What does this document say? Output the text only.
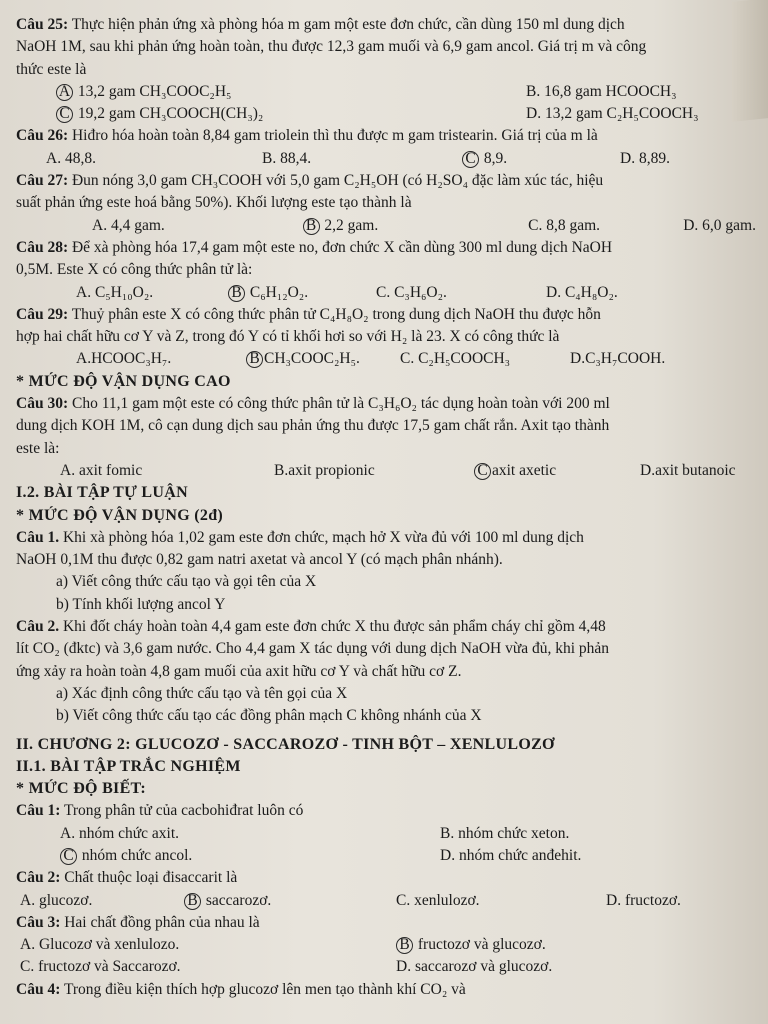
Câu 25: Thực hiện phản ứng xà phòng hóa m gam một este đơn chức, cần dùng 150 ml dung dịch
NaOH 1M, sau khi phản ứng hoàn toàn, thu được 12,3 gam muối và 6,9 gam ancol. Giá trị m và công
thức este là
A 13,2 gam CH₃COOC₂H₅	B. 16,8 gam HCOOCH₃
C 19,2 gam CH₃COOCH(CH₃)₂	D. 13,2 gam C₂H₅COOCH₃
Câu 26: Hiđro hóa hoàn toàn 8,84 gam triolein thì thu được m gam tristearin. Giá trị của m là
A. 48,8.	B. 88,4.	C 8,9.	D. 8,89.
Câu 27: Đun nóng 3,0 gam CH₃COOH với 5,0 gam C₂H₅OH (có H₂SO₄ đặc làm xúc tác, hiệu
suất phản ứng este hoá bằng 50%). Khối lượng este tạo thành là
A. 4,4 gam.	B 2,2 gam.	C. 8,8 gam.	D. 6,0 gam.
Câu 28: Để xà phòng hóa 17,4 gam một este no, đơn chức X cần dùng 300 ml dung dịch NaOH
0,5M. Este X có công thức phân tử là:
A. C₅H₁₀O₂.	B C₆H₁₂O₂.	C. C₃H₆O₂.	D. C₄H₈O₂.
Câu 29: Thuỷ phân este X có công thức phân tử C₄H₈O₂ trong dung dịch NaOH thu được hỗn
hợp hai chất hữu cơ Y và Z, trong đó Y có tỉ khối hơi so với H₂ là 23. X có công thức là
A.HCOOC₃H₇.	B CH₃COOC₂H₅.	C. C₂H₅COOCH₃	D.C₃H₇COOH.
* MỨC ĐỘ VẬN DỤNG CAO
Câu 30: Cho 11,1 gam một este có công thức phân tử là C₃H₆O₂ tác dụng hoàn toàn với 200 ml
dung dịch KOH 1M, cô cạn dung dịch sau phản ứng thu được 17,5 gam chất rắn. Axit tạo thành
este là:
A. axit fomic	B.axit propionic	C axit axetic	D.axit butanoic
I.2. BÀI TẬP TỰ LUẬN
* MỨC ĐỘ VẬN DỤNG (2đ)
Câu 1. Khi xà phòng hóa 1,02 gam este đơn chức, mạch hở X vừa đủ với 100 ml dung dịch
NaOH 0,1M thu được 0,82 gam natri axetat và ancol Y (có mạch phân nhánh).
a) Viết công thức cấu tạo và gọi tên của X
b) Tính khối lượng ancol Y
Câu 2. Khi đốt cháy hoàn toàn 4,4 gam este đơn chức X thu được sản phẩm cháy chỉ gồm 4,48
lít CO₂ (đktc) và 3,6 gam nước. Cho 4,4 gam X tác dụng với dung dịch NaOH vừa đủ, khi phản
ứng xảy ra hoàn toàn 4,8 gam muối của axit hữu cơ Y và chất hữu cơ Z.
a) Xác định công thức cấu tạo và tên gọi của X
b) Viết công thức cấu tạo các đồng phân mạch C không nhánh của X
II. CHƯƠNG 2: GLUCOZƠ - SACCAROZƠ - TINH BỘT – XENLULOZƠ
II.1. BÀI TẬP TRẮC NGHIỆM
* MỨC ĐỘ BIẾT:
Câu 1: Trong phân tử của cacbohiđrat luôn có
A. nhóm chức axit.	B. nhóm chức xeton.
C nhóm chức ancol.	D. nhóm chức anđehit.
Câu 2: Chất thuộc loại đisaccarit là
A. glucozơ.	B saccarozơ.	C. xenlulozơ.	D. fructozơ.
Câu 3: Hai chất đồng phân của nhau là
A. Glucozơ và xenlulozo.	B fructozơ và glucozơ.
C. fructozơ và Saccarozơ.	D. saccarozơ và glucozơ.
Câu 4: Trong điều kiện thích hợp glucozơ lên men tạo thành khí CO₂ và
